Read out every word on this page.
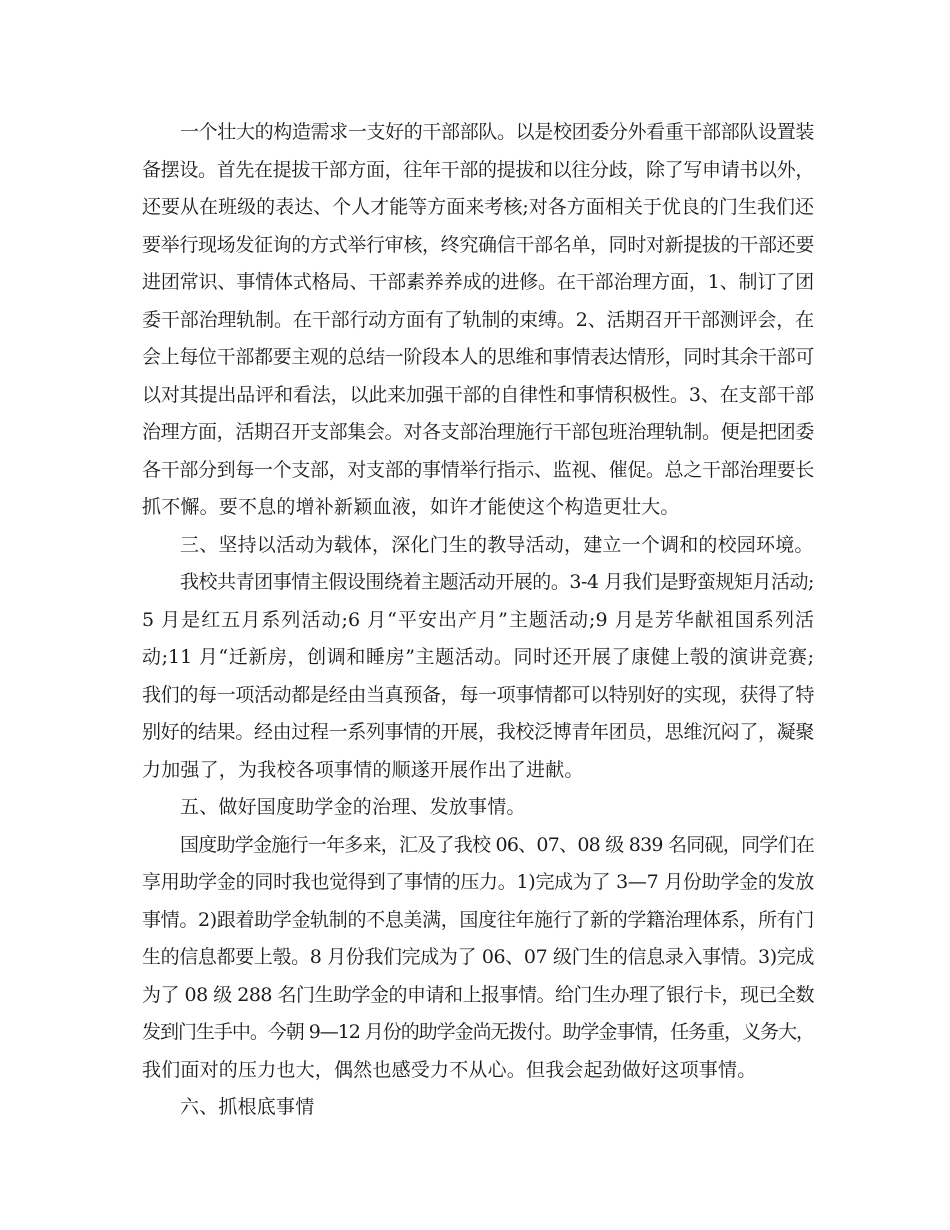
一个壮大的构造需求一支好的干部部队。以是校团委分外看重干部部队设置装
备摆设。首先在提拔干部方面，往年干部的提拔和以往分歧，除了写申请书以外，
还要从在班级的表达、个人才能等方面来考核;对各方面相关于优良的门生我们还
要举行现场发征询的方式举行审核，终究确信干部名单，同时对新提拔的干部还要
进团常识、事情体式格局、干部素养养成的进修。在干部治理方面，1、制订了团
委干部治理轨制。在干部行动方面有了轨制的束缚。2、活期召开干部测评会，在
会上每位干部都要主观的总结一阶段本人的思维和事情表达情形，同时其余干部可
以对其提出品评和看法，以此来加强干部的自律性和事情积极性。3、在支部干部
治理方面，活期召开支部集会。对各支部治理施行干部包班治理轨制。便是把团委
各干部分到每一个支部，对支部的事情举行指示、监视、催促。总之干部治理要长
抓不懈。要不息的增补新颖血液，如许才能使这个构造更壮大。
三、坚持以活动为载体，深化门生的教导活动，建立一个调和的校园环境。
我校共青团事情主假设围绕着主题活动开展的。3-4 月我们是野蛮规矩月活动;
5 月是红五月系列活动;6 月“平安出产月”主题活动;9 月是芳华献祖国系列活
动;11 月“迁新房，创调和睡房”主题活动。同时还开展了康健上彀的演讲竞赛;
我们的每一项活动都是经由当真预备，每一项事情都可以特别好的实现，获得了特
别好的结果。经由过程一系列事情的开展，我校泛博青年团员，思维沉闷了，凝聚
力加强了，为我校各项事情的顺遂开展作出了进献。
五、做好国度助学金的治理、发放事情。
国度助学金施行一年多来，汇及了我校 06、07、08 级 839 名同砚，同学们在
享用助学金的同时我也觉得到了事情的压力。1)完成为了 3—7 月份助学金的发放
事情。2)跟着助学金轨制的不息美满，国度往年施行了新的学籍治理体系，所有门
生的信息都要上彀。8 月份我们完成为了 06、07 级门生的信息录入事情。3)完成
为了 08 级 288 名门生助学金的申请和上报事情。给门生办理了银行卡，现已全数
发到门生手中。今朝 9—12 月份的助学金尚无拨付。助学金事情，任务重，义务大，
我们面对的压力也大，偶然也感受力不从心。但我会起劲做好这项事情。
六、抓根底事情
